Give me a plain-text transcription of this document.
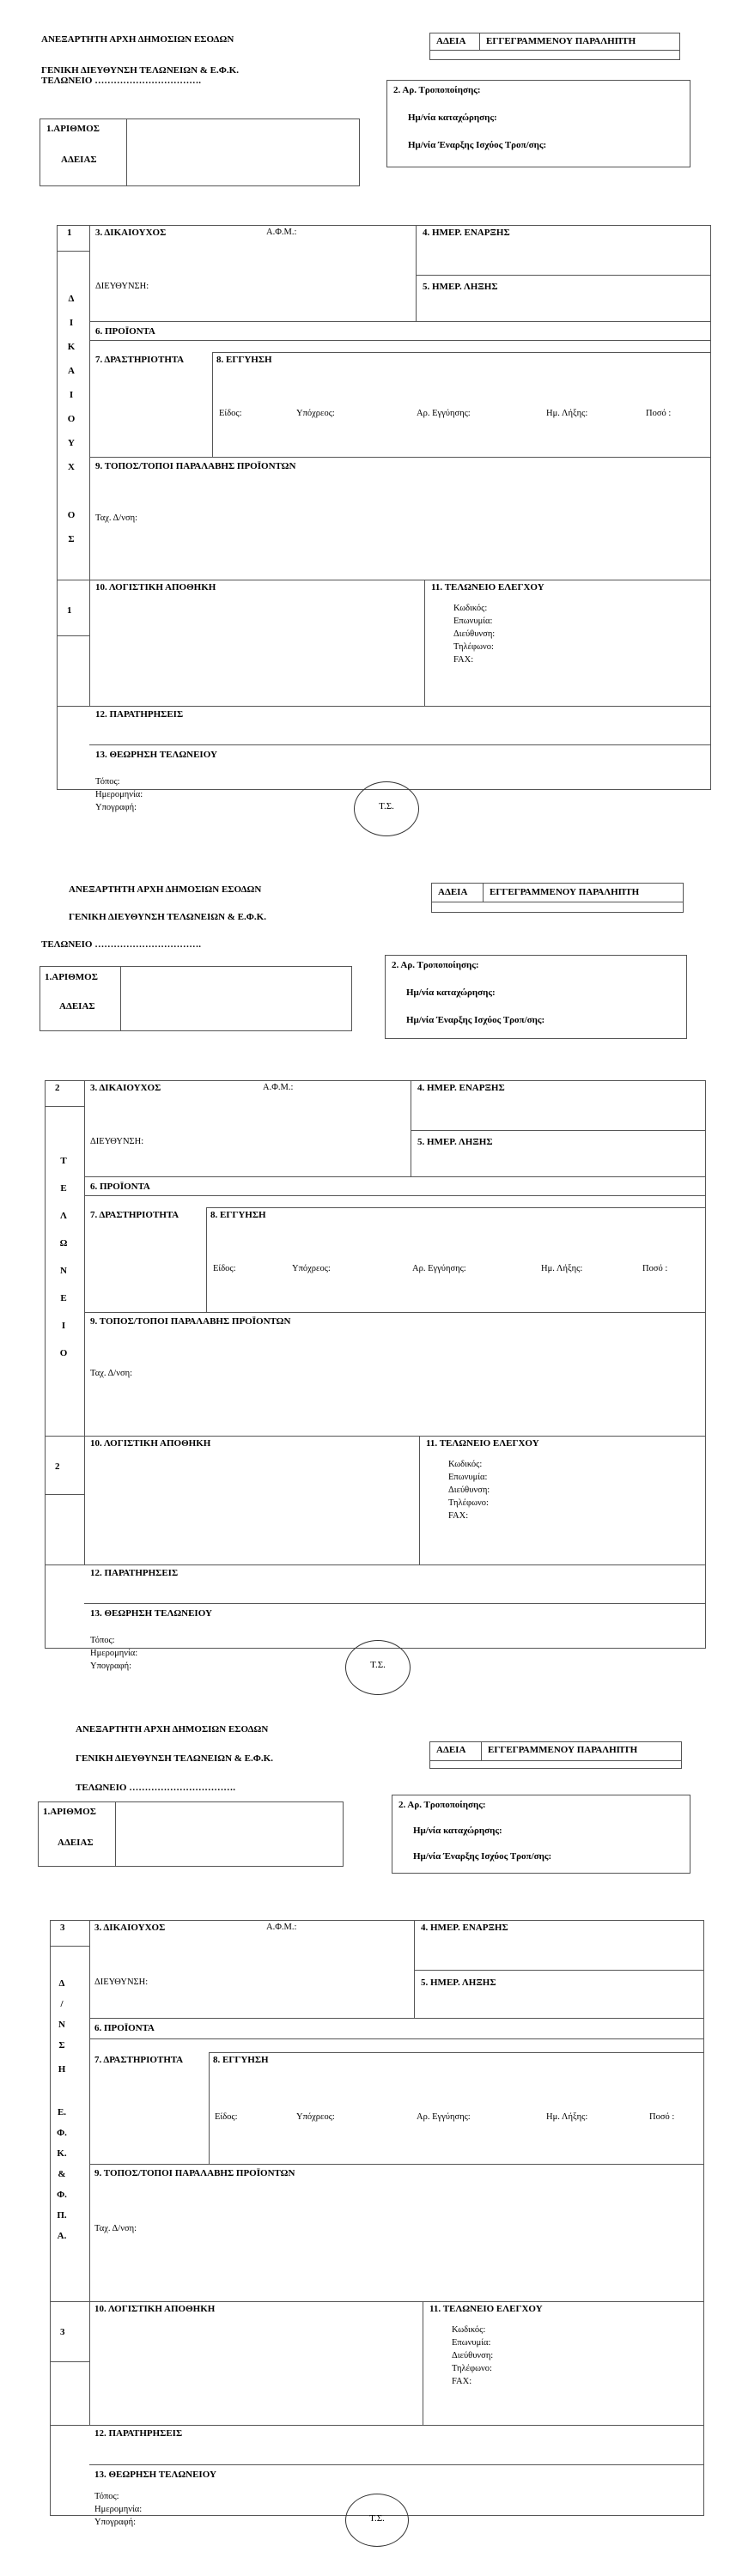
ΑΝΕΞΑΡΤΗΤΗ ΑΡΧΗ ΔΗΜΟΣΙΩΝ ΕΣΟΔΩΝ
ΓΕΝΙΚΗ ΔΙΕΥΘΥΝΣΗ ΤΕΛΩΝΕΙΩΝ & Ε.Φ.Κ.
ΤΕΛΩΝΕΙΟ …………………………….
ΑΔΕΙΑ ΕΓΓΕΓΡΑΜΜΕΝΟΥ ΠΑΡΑΛΗΠΤΗ
2. Αρ. Τροποποίησης:
Ημ/νία καταχώρησης:
Ημ/νία Έναρξης Ισχύος Τροπ/σης:
1.ΑΡΙΘΜΟΣ
ΑΔΕΙΑΣ
1
1
Δ
Ι
Κ
Α
Ι
Ο
Υ
Χ
Ο
Σ
3. ΔΙΚΑΙΟΥΧΟΣ	Α.Φ.Μ.:
ΔΙΕΥΘΥΝΣΗ:
4. ΗΜΕΡ. ΕΝΑΡΞΗΣ
5. ΗΜΕΡ. ΛΗΞΗΣ
6. ΠΡΟΪΟΝΤΑ
7. ΔΡΑΣΤΗΡΙΟΤΗΤΑ	8. ΕΓΓΥΗΣΗ
Είδος:	Υπόχρεος:	Αρ. Εγγύησης:	Ημ. Λήξης:	Ποσό :
9. ΤΟΠΟΣ/ΤΟΠΟΙ ΠΑΡΑΛΑΒΗΣ ΠΡΟΪΟΝΤΩΝ
Ταχ. Δ/νση:
10. ΛΟΓΙΣΤΙΚΗ ΑΠΟΘΗΚΗ	11. ΤΕΛΩΝΕΙΟ ΕΛΕΓΧΟΥ
Κωδικός:
Επωνυμία:
Διεύθυνση:
Τηλέφωνο:
FAX:
12. ΠΑΡΑΤΗΡΗΣΕΙΣ
13. ΘΕΩΡΗΣΗ ΤΕΛΩΝΕΙΟΥ
Τόπος:
Ημερομηνία:
Υπογραφή:	Τ.Σ.
ΑΝΕΞΑΡΤΗΤΗ ΑΡΧΗ ΔΗΜΟΣΙΩΝ ΕΣΟΔΩΝ
ΓΕΝΙΚΗ ΔΙΕΥΘΥΝΣΗ ΤΕΛΩΝΕΙΩΝ & Ε.Φ.Κ.
ΤΕΛΩΝΕΙΟ …………………………….
ΑΔΕΙΑ ΕΓΓΕΓΡΑΜΜΕΝΟΥ ΠΑΡΑΛΗΠΤΗ
2. Αρ. Τροποποίησης:
Ημ/νία καταχώρησης:
Ημ/νία Έναρξης Ισχύος Τροπ/σης:
1.ΑΡΙΘΜΟΣ
ΑΔΕΙΑΣ
2
2
Τ
Ε
Λ
Ω
Ν
Ε
Ι
Ο
3. ΔΙΚΑΙΟΥΧΟΣ	Α.Φ.Μ.:
ΔΙΕΥΘΥΝΣΗ:
4. ΗΜΕΡ. ΕΝΑΡΞΗΣ
5. ΗΜΕΡ. ΛΗΞΗΣ
6. ΠΡΟΪΟΝΤΑ
7. ΔΡΑΣΤΗΡΙΟΤΗΤΑ	8. ΕΓΓΥΗΣΗ
Είδος:	Υπόχρεος:	Αρ. Εγγύησης:	Ημ. Λήξης:	Ποσό :
9. ΤΟΠΟΣ/ΤΟΠΟΙ ΠΑΡΑΛΑΒΗΣ ΠΡΟΪΟΝΤΩΝ
Ταχ. Δ/νση:
10. ΛΟΓΙΣΤΙΚΗ ΑΠΟΘΗΚΗ	11. ΤΕΛΩΝΕΙΟ ΕΛΕΓΧΟΥ
Κωδικός:
Επωνυμία:
Διεύθυνση:
Τηλέφωνο:
FAX:
12. ΠΑΡΑΤΗΡΗΣΕΙΣ
13. ΘΕΩΡΗΣΗ ΤΕΛΩΝΕΙΟΥ
Τόπος:
Ημερομηνία:
Υπογραφή:	Τ.Σ.
ΑΝΕΞΑΡΤΗΤΗ ΑΡΧΗ ΔΗΜΟΣΙΩΝ ΕΣΟΔΩΝ
ΓΕΝΙΚΗ ΔΙΕΥΘΥΝΣΗ ΤΕΛΩΝΕΙΩΝ & Ε.Φ.Κ.
ΤΕΛΩΝΕΙΟ …………………………….
ΑΔΕΙΑ ΕΓΓΕΓΡΑΜΜΕΝΟΥ ΠΑΡΑΛΗΠΤΗ
2. Αρ. Τροποποίησης:
Ημ/νία καταχώρησης:
Ημ/νία Έναρξης Ισχύος Τροπ/σης:
1.ΑΡΙΘΜΟΣ
ΑΔΕΙΑΣ
3
3
Δ
/
Ν
Σ
Η
Ε.
Φ.
Κ.
&
Φ.
Π.
Α.
3. ΔΙΚΑΙΟΥΧΟΣ	Α.Φ.Μ.:
ΔΙΕΥΘΥΝΣΗ:
4. ΗΜΕΡ. ΕΝΑΡΞΗΣ
5. ΗΜΕΡ. ΛΗΞΗΣ
6. ΠΡΟΪΟΝΤΑ
7. ΔΡΑΣΤΗΡΙΟΤΗΤΑ	8. ΕΓΓΥΗΣΗ
Είδος:	Υπόχρεος:	Αρ. Εγγύησης:	Ημ. Λήξης:	Ποσό :
9. ΤΟΠΟΣ/ΤΟΠΟΙ ΠΑΡΑΛΑΒΗΣ ΠΡΟΪΟΝΤΩΝ
Ταχ. Δ/νση:
10. ΛΟΓΙΣΤΙΚΗ ΑΠΟΘΗΚΗ	11. ΤΕΛΩΝΕΙΟ ΕΛΕΓΧΟΥ
Κωδικός:
Επωνυμία:
Διεύθυνση:
Τηλέφωνο:
FAX:
12. ΠΑΡΑΤΗΡΗΣΕΙΣ
13. ΘΕΩΡΗΣΗ ΤΕΛΩΝΕΙΟΥ
Τόπος:
Ημερομηνία:
Υπογραφή:	Τ.Σ.
